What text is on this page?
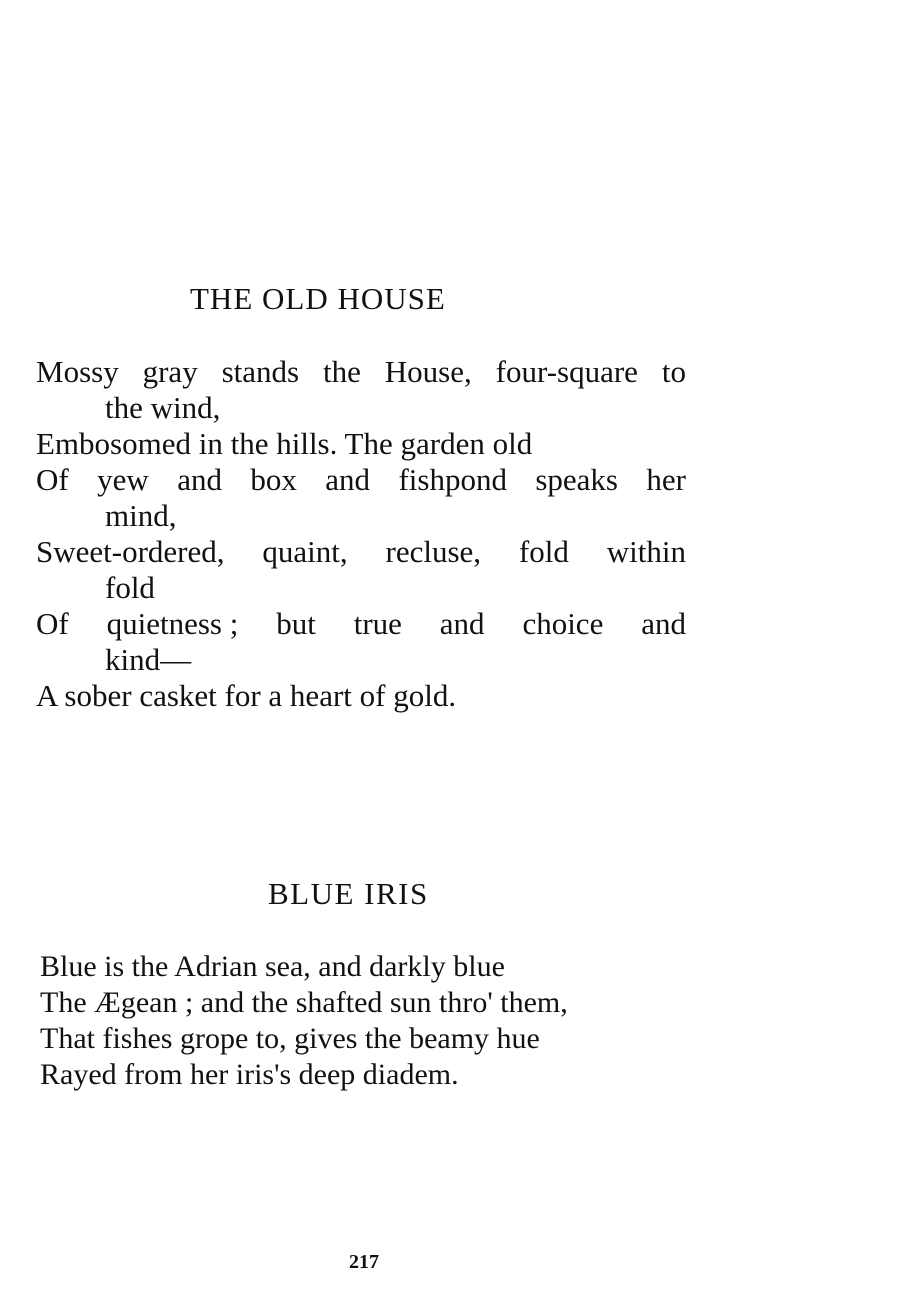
THE OLD HOUSE
Mossy gray stands the House, four-square to
the wind,
Embosomed in the hills. The garden old
Of yew and box and fishpond speaks her
mind,
Sweet-ordered, quaint, recluse, fold within
fold
Of quietness ; but true and choice and
kind—
A sober casket for a heart of gold.
BLUE IRIS
Blue is the Adrian sea, and darkly blue
The Ægean ; and the shafted sun thro' them,
That fishes grope to, gives the beamy hue
Rayed from her iris's deep diadem.
217
